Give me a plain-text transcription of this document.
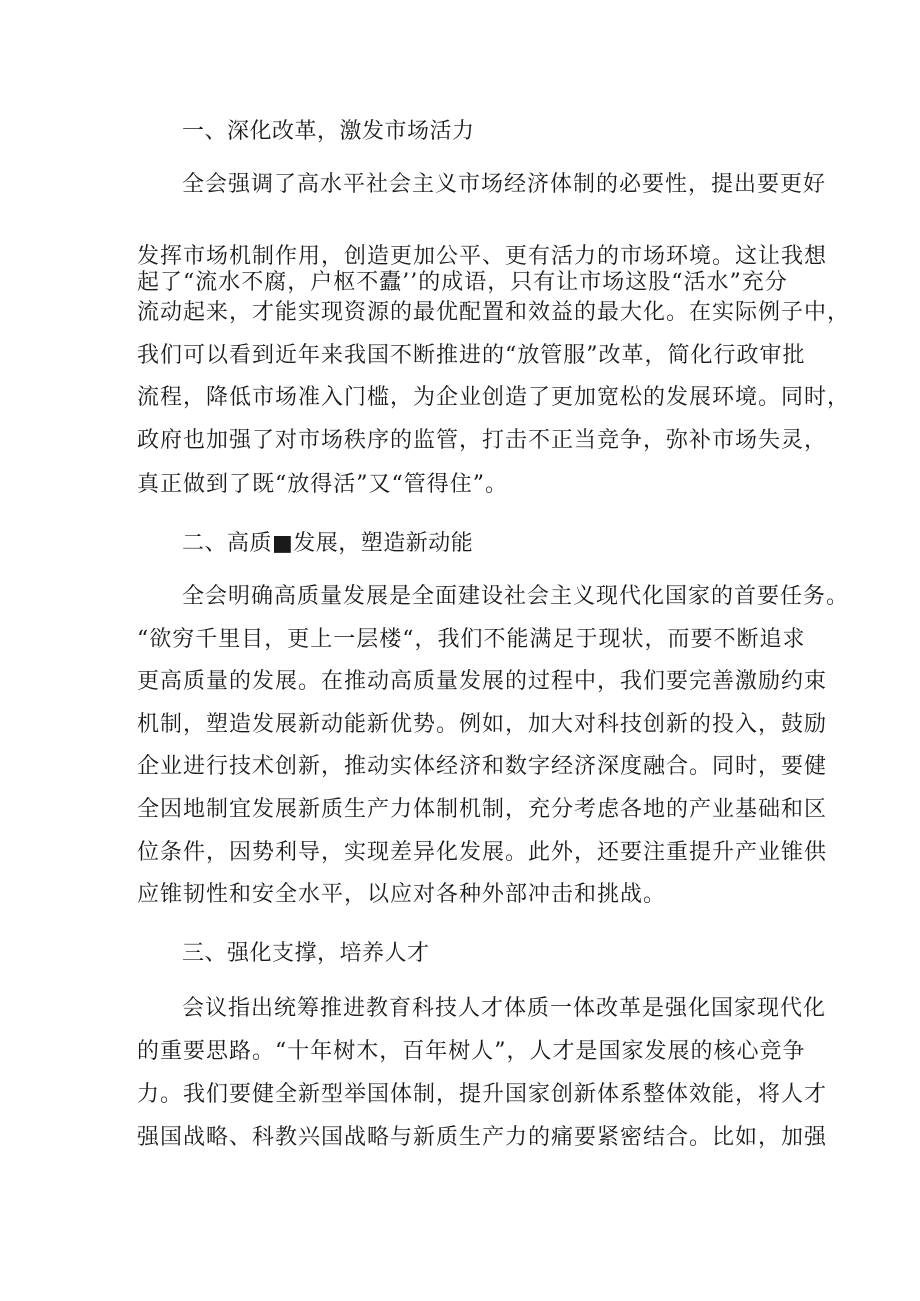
一、深化改革，激发市场活力
全会强调了高水平社会主义市场经济体制的必要性，提出要更好
发挥市场机制作用，创造更加公平、更有活力的市场环境。这让我想
起了“流水不腐，户枢不蠹’’的成语，只有让市场这股“活水”充分
流动起来，才能实现资源的最优配置和效益的最大化。在实际例子中，
我们可以看到近年来我国不断推进的“放管服”改革，简化行政审批
流程，降低市场准入门槛，为企业创造了更加宽松的发展环境。同时，
政府也加强了对市场秩序的监管，打击不正当竞争，弥补市场失灵，
真正做到了既“放得活”又“管得住”。
二、高质■发展，塑造新动能
全会明确高质量发展是全面建设社会主义现代化国家的首要任务。
“欲穷千里目，更上一层楼“，我们不能满足于现状，而要不断追求
更高质量的发展。在推动高质量发展的过程中，我们要完善激励约束
机制，塑造发展新动能新优势。例如，加大对科技创新的投入，鼓励
企业进行技术创新，推动实体经济和数字经济深度融合。同时，要健
全因地制宜发展新质生产力体制机制，充分考虑各地的产业基础和区
位条件，因势利导，实现差异化发展。此外，还要注重提升产业锥供
应锥韧性和安全水平，以应对各种外部冲击和挑战。
三、强化支撑，培养人才
会议指出统筹推进教育科技人才体质一体改革是强化国家现代化
的重要思路。“十年树木，百年树人”，人才是国家发展的核心竞争
力。我们要健全新型举国体制，提升国家创新体系整体效能，将人才
强国战略、科教兴国战略与新质生产力的痛要紧密结合。比如，加强
